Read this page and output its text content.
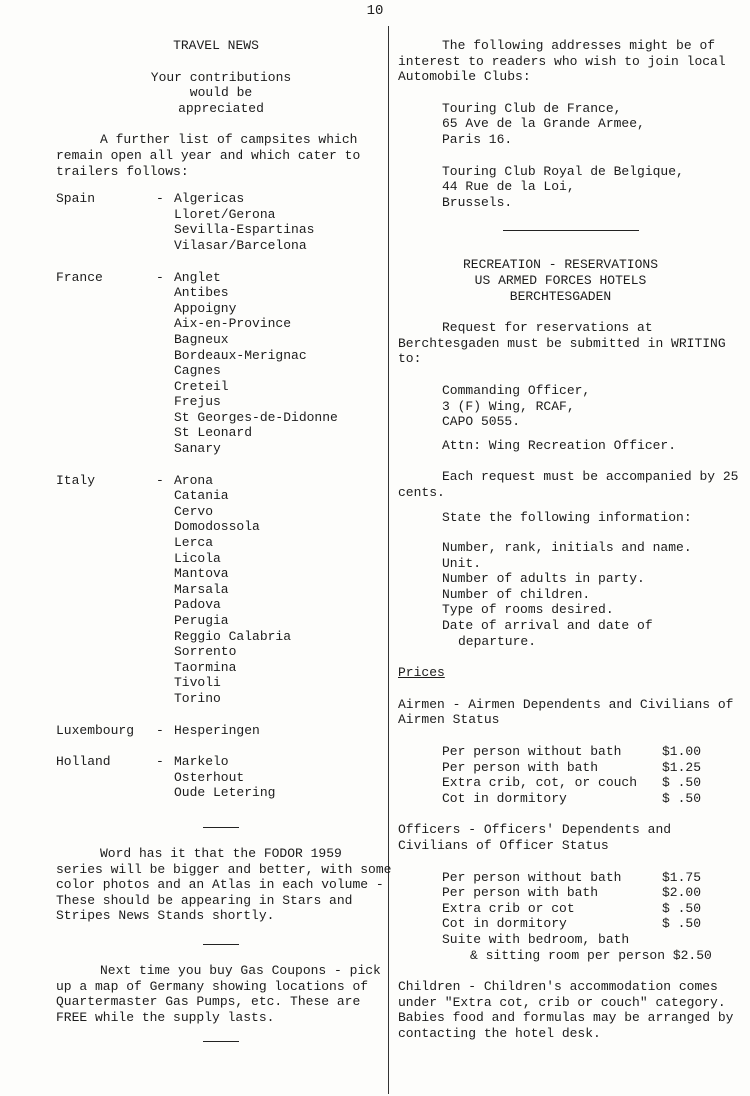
10

TRAVEL NEWS

Your contributions

would be

appreciated

A further list of campsites which remain open all year and which cater to trailers follows:

Spain	- Algericas
Lloret/Gerona
Sevilla-Espartinas
Vilasar/Barcelona
France	- Anglet
Antibes
Appoigny
Aix-en-Province
Bagneux
Bordeaux-Merignac
Cagnes
Creteil
Frejus
St Georges-de-Didonne
St Leonard
Sanary
Italy	- Arona
Catania
Cervo
Domodossola
Lerca
Licola
Mantova
Marsala
Padova
Perugia
Reggio Calabria
Sorrento
Taormina
Tivoli
Torino
Luxembourg	- Hesperingen
Holland	- Markelo
Osterhout
Oude Letering

Word has it that the FODOR 1959 series will be bigger and better, with some color photos and an Atlas in each volume - These should be appearing in Stars and Stripes News Stands shortly.

Next time you buy Gas Coupons - pick up a map of Germany showing locations of Quartermaster Gas Pumps, etc. These are FREE while the supply lasts.

The following addresses might be of interest to readers who wish to join local Automobile Clubs:

Touring Club de France,
65 Ave de la Grande Armee,
Paris 16.
Touring Club Royal de Belgique,
44 Rue de la Loi,
Brussels.
RECREATION - RESERVATIONS
US ARMED FORCES HOTELS
BERCHTESGADEN

Request for reservations at Berchtesgaden must be submitted in WRITING to:

Commanding Officer,
3 (F) Wing, RCAF,
CAPO 5055.

Attn: Wing Recreation Officer.

Each request must be accompanied by 25 cents.

State the following information:

Number, rank, initials and name.
Unit.
Number of adults in party.
Number of children.
Type of rooms desired.
Date of arrival and date of
departure.

Prices

Airmen - Airmen Dependents and Civilians of Airmen Status

Per person without bath	$1.00
Per person with bath	$1.25
Extra crib, cot, or couch	$ .50
Cot in dormitory	$ .50

Officers - Officers' Dependents and Civilians of Officer Status

Per person without bath	$1.75
Per person with bath	$2.00
Extra crib or cot	$ .50
Cot in dormitory	$ .50
Suite with bedroom, bath
& sitting room per person $2.50

Children - Children's accommodation comes under "Extra cot, crib or couch" category. Babies food and formulas may be arranged by contacting the hotel desk.
